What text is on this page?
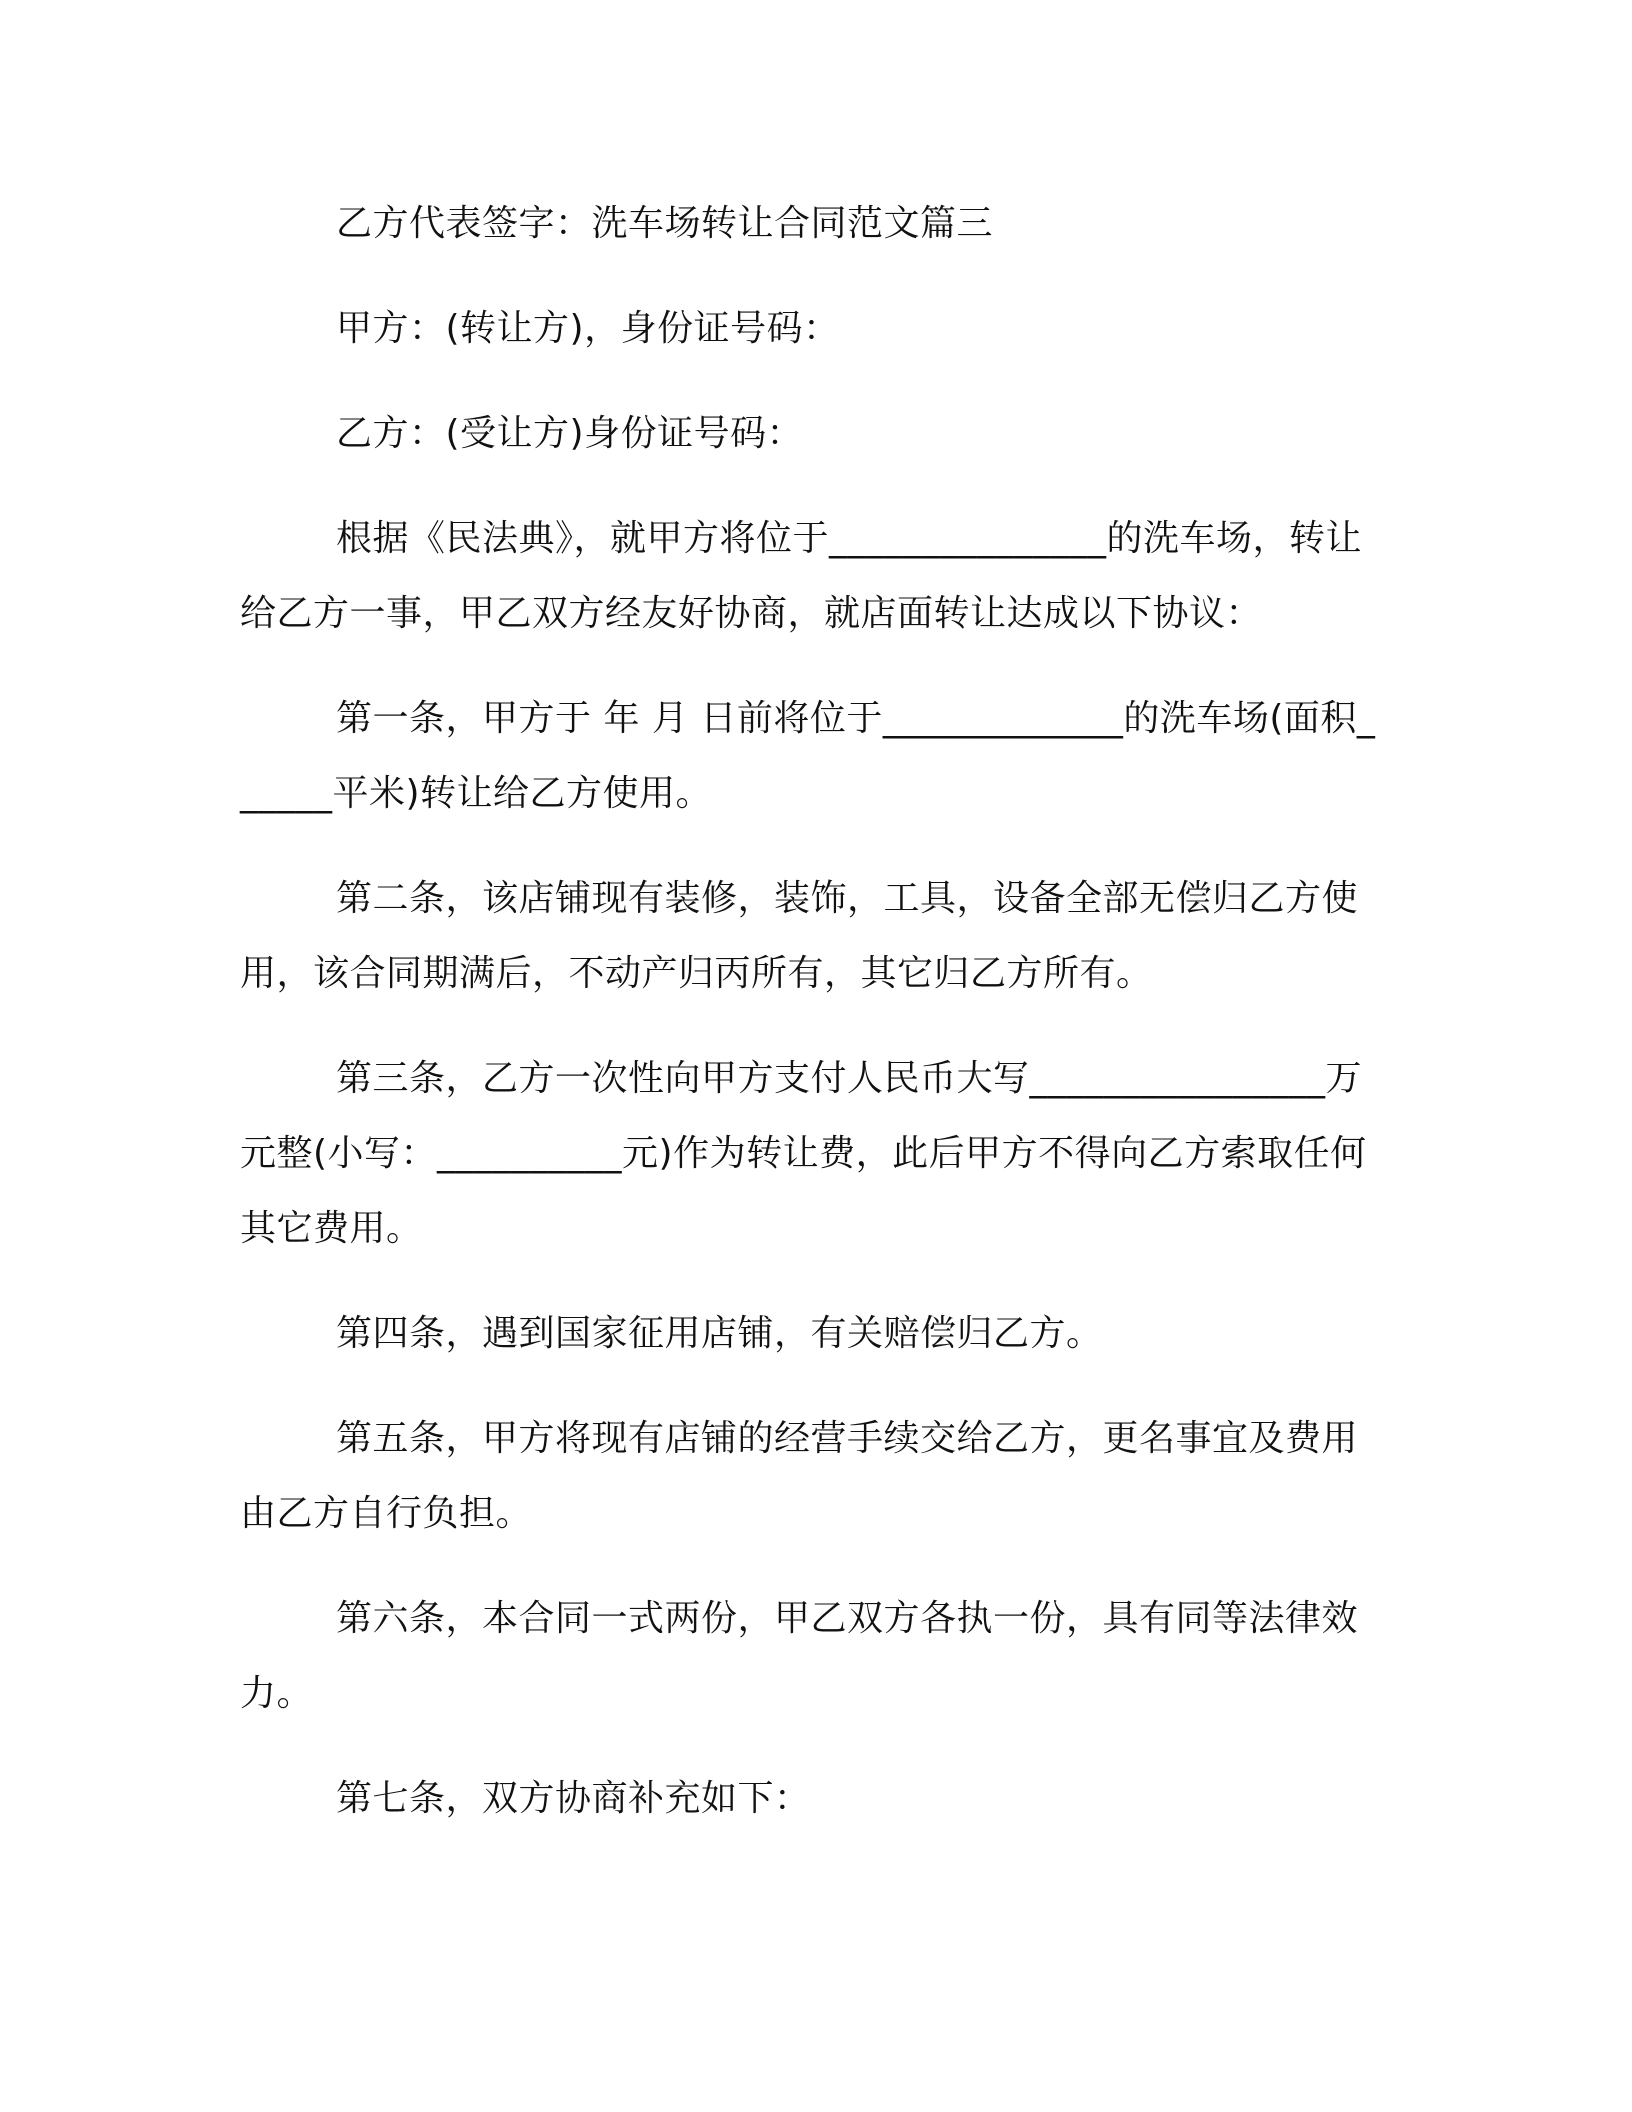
乙方代表签字：洗车场转让合同范文篇三

甲方：(转让方)，身份证号码：

乙方：(受让方)身份证号码：

根据《民法典》，就甲方将位于_______________的洗车场，转让给乙方一事，甲乙双方经友好协商，就店面转让达成以下协议：

第一条，甲方于 年 月 日前将位于_____________的洗车场(面积______平米)转让给乙方使用。

第二条，该店铺现有装修，装饰，工具，设备全部无偿归乙方使用，该合同期满后，不动产归丙所有，其它归乙方所有。

第三条，乙方一次性向甲方支付人民币大写________________万元整(小写：__________元)作为转让费，此后甲方不得向乙方索取任何其它费用。

第四条，遇到国家征用店铺，有关赔偿归乙方。

第五条，甲方将现有店铺的经营手续交给乙方，更名事宜及费用由乙方自行负担。

第六条，本合同一式两份，甲乙双方各执一份，具有同等法律效力。

第七条，双方协商补充如下：
